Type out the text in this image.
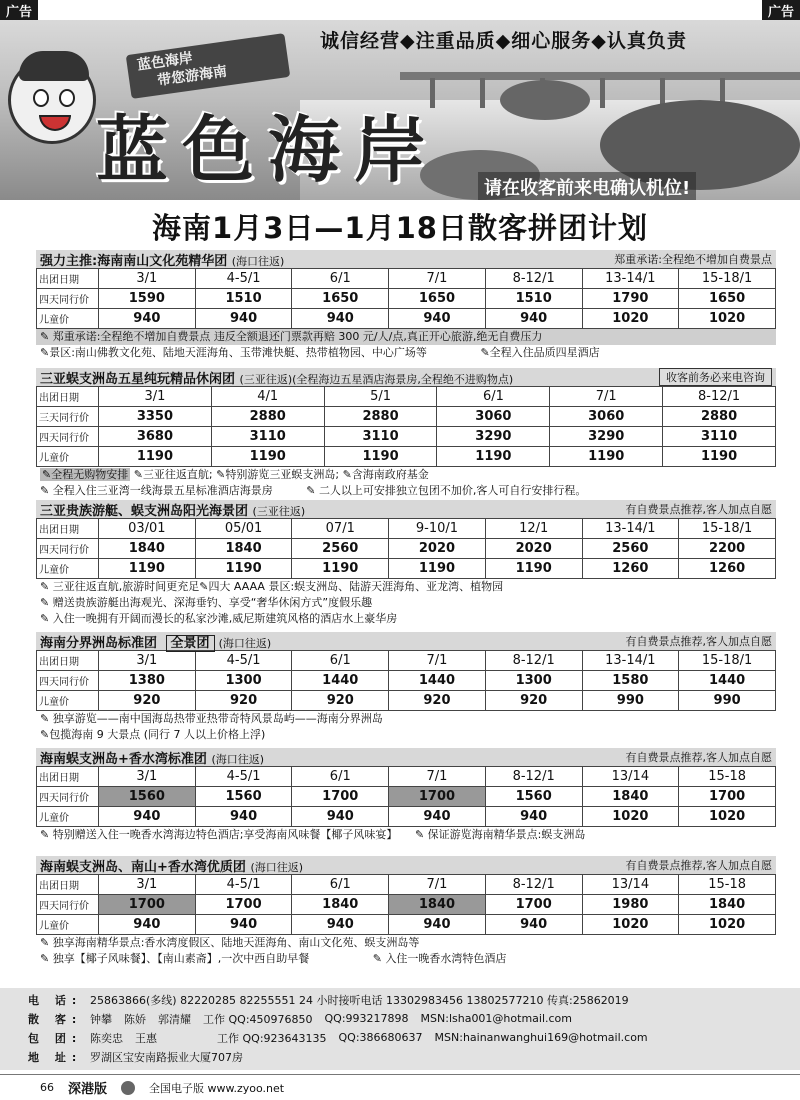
广告	广告
诚信经营◆注重品质◆细心服务◆认真负责
蓝色海岸
带您游海南
蓝色海岸	请在收客前来电确认机位!
海南1月3日—1月18日散客拼团计划
强力主推:海南南山文化苑精华团 (海口往返)	郑重承诺:全程绝不增加自费景点
出团日期	3/1	4-5/1	6/1	7/1	8-12/1	13-14/1	15-18/1
四天同行价	1590	1510	1650	1650	1510	1790	1650
儿童价	940	940	940	940	940	1020	1020
✎ 郑重承诺:全程绝不增加自费景点 违反全额退还门票款再赔 300 元/人/点,真正开心旅游,绝无自费压力
✎景区:南山佛教文化苑、陆地天涯海角、玉带滩快艇、热带植物园、中心广场等	✎全程入住品质四星酒店
三亚蜈支洲岛五星纯玩精品休闲团 (三亚往返)(全程海边五星酒店海景房,全程绝不进购物点)	收客前务必来电咨询
出团日期	3/1	4/1	5/1	6/1	7/1	8-12/1
三天同行价	3350	2880	2880	3060	3060	2880
四天同行价	3680	3110	3110	3290	3290	3110
儿童价	1190	1190	1190	1190	1190	1190
✎全程无购物安排 ✎三亚往返直航; ✎特别游览三亚蜈支洲岛; ✎含海南政府基金
✎ 全程入住三亚湾一线海景五星标准酒店海景房	✎ 二人以上可安排独立包团不加价,客人可自行安排行程。
三亚贵族游艇、蜈支洲岛阳光海景团 (三亚往返)	有自费景点推荐,客人加点自愿
出团日期	03/01	05/01	07/1	9-10/1	12/1	13-14/1	15-18/1
四天同行价	1840	1840	2560	2020	2020	2560	2200
儿童价	1190	1190	1190	1190	1190	1260	1260
✎ 三亚往返直航,旅游时间更充足✎四大 AAAA 景区:蜈支洲岛、陆游天涯海角、亚龙湾、植物园
✎ 赠送贵族游艇出海观光、深海垂钓、享受“奢华休闲方式”度假乐趣
✎ 入住一晚拥有开阔而漫长的私家沙滩,威尼斯建筑风格的酒店水上豪华房
海南分界洲岛标准团 全景团 (海口往返)	有自费景点推荐,客人加点自愿
出团日期	3/1	4-5/1	6/1	7/1	8-12/1	13-14/1	15-18/1
四天同行价	1380	1300	1440	1440	1300	1580	1440
儿童价	920	920	920	920	920	990	990
✎ 独享游览——南中国海岛热带亚热带奇特风景岛屿——海南分界洲岛
✎包揽海南 9 大景点 (同行 7 人以上价格上浮)
海南蜈支洲岛+香水湾标准团 (海口往返)	有自费景点推荐,客人加点自愿
出团日期	3/1	4-5/1	6/1	7/1	8-12/1	13/14	15-18
四天同行价	1560	1560	1700	1700	1560	1840	1700
儿童价	940	940	940	940	940	1020	1020
✎ 特别赠送入住一晚香水湾海边特色酒店;享受海南风味餐【椰子风味宴】 ✎ 保证游览海南精华景点:蜈支洲岛
海南蜈支洲岛、南山+香水湾优质团 (海口往返)	有自费景点推荐,客人加点自愿
出团日期	3/1	4-5/1	6/1	7/1	8-12/1	13/14	15-18
四天同行价	1700	1700	1840	1840	1700	1980	1840
儿童价	940	940	940	940	940	1020	1020
✎ 独享海南精华景点:香水湾度假区、陆地天涯海角、南山文化苑、蜈支洲岛等
✎ 独享【椰子风味餐】、【南山素斋】,一次中西自助早餐	✎ 入住一晚香水湾特色酒店
电 话: 25863866(多线) 82220285 82255551 24 小时接听电话 13302983456 13802577210 传真:25862019
散 客: 钟攀 陈娇 郭清耀 工作 QQ:450976850 QQ:993217898 MSN:lsha001@hotmail.com
包 团: 陈奕忠 王惠	工作 QQ:923643135 QQ:386680637 MSN:hainanwanghui169@hotmail.com
地 址: 罗湖区宝安南路振业大厦707房
66 深港版	全国电子版 www.zyoo.net
